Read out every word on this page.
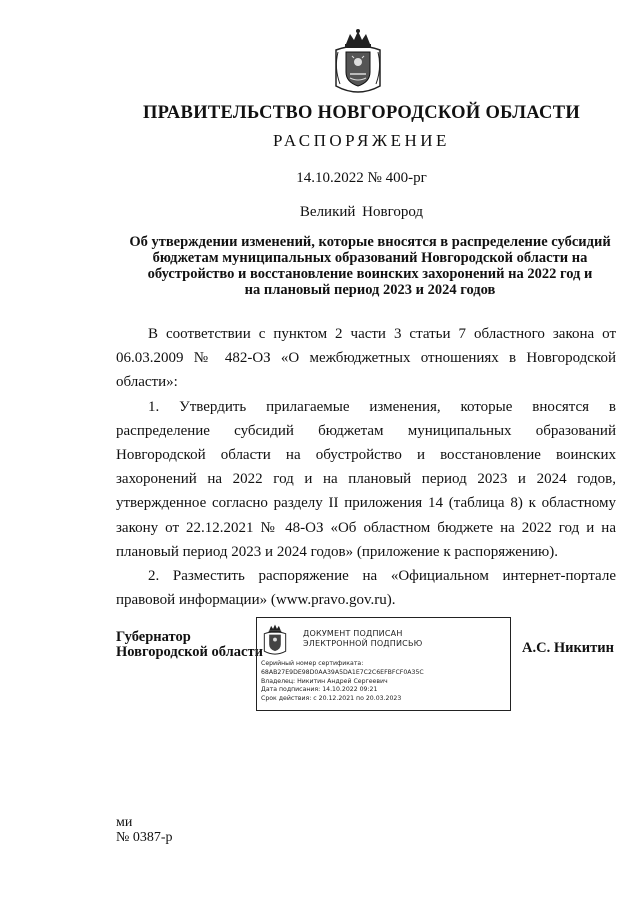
ПРАВИТЕЛЬСТВО НОВГОРОДСКОЙ ОБЛАСТИ
РАСПОРЯЖЕНИЕ
14.10.2022 № 400-рг
Великий Новгород
Об утверждении изменений, которые вносятся в распределение субсидий
бюджетам муниципальных образований Новгородской области на
обустройство и восстановление воинских захоронений на 2022 год и
на плановый период 2023 и 2024 годов

В соответствии с пунктом 2 части 3 статьи 7 областного закона от 06.03.2009 № 482-ОЗ «О межбюджетных отношениях в Новгородской области»:

1. Утвердить прилагаемые изменения, которые вносятся в распределение субсидий бюджетам муниципальных образований Новгородской области на обустройство и восстановление воинских захоронений на 2022 год и на плановый период 2023 и 2024 годов, утвержденное согласно разделу II приложения 14 (таблица 8) к областному закону от 22.12.2021 № 48-ОЗ «Об областном бюджете на 2022 год и на плановый период 2023 и 2024 годов» (приложение к распоряжению).

2. Разместить распоряжение на «Официальном интернет-портале правовой информации» (www.pravo.gov.ru).

Губернатор
Новгородской области
ДОКУМЕНТ ПОДПИСАН
ЭЛЕКТРОННОЙ ПОДПИСЬЮ
Серийный номер сертификата:
68AB27E9DE98D0AA39A5DA1E7C2C6EFBFCF0A35C
Владелец: Никитин Андрей Сергеевич
Дата подписания: 14.10.2022 09:21
Срок действия: с 20.12.2021 по 20.03.2023
А.С. Никитин
ми
№ 0387-р
